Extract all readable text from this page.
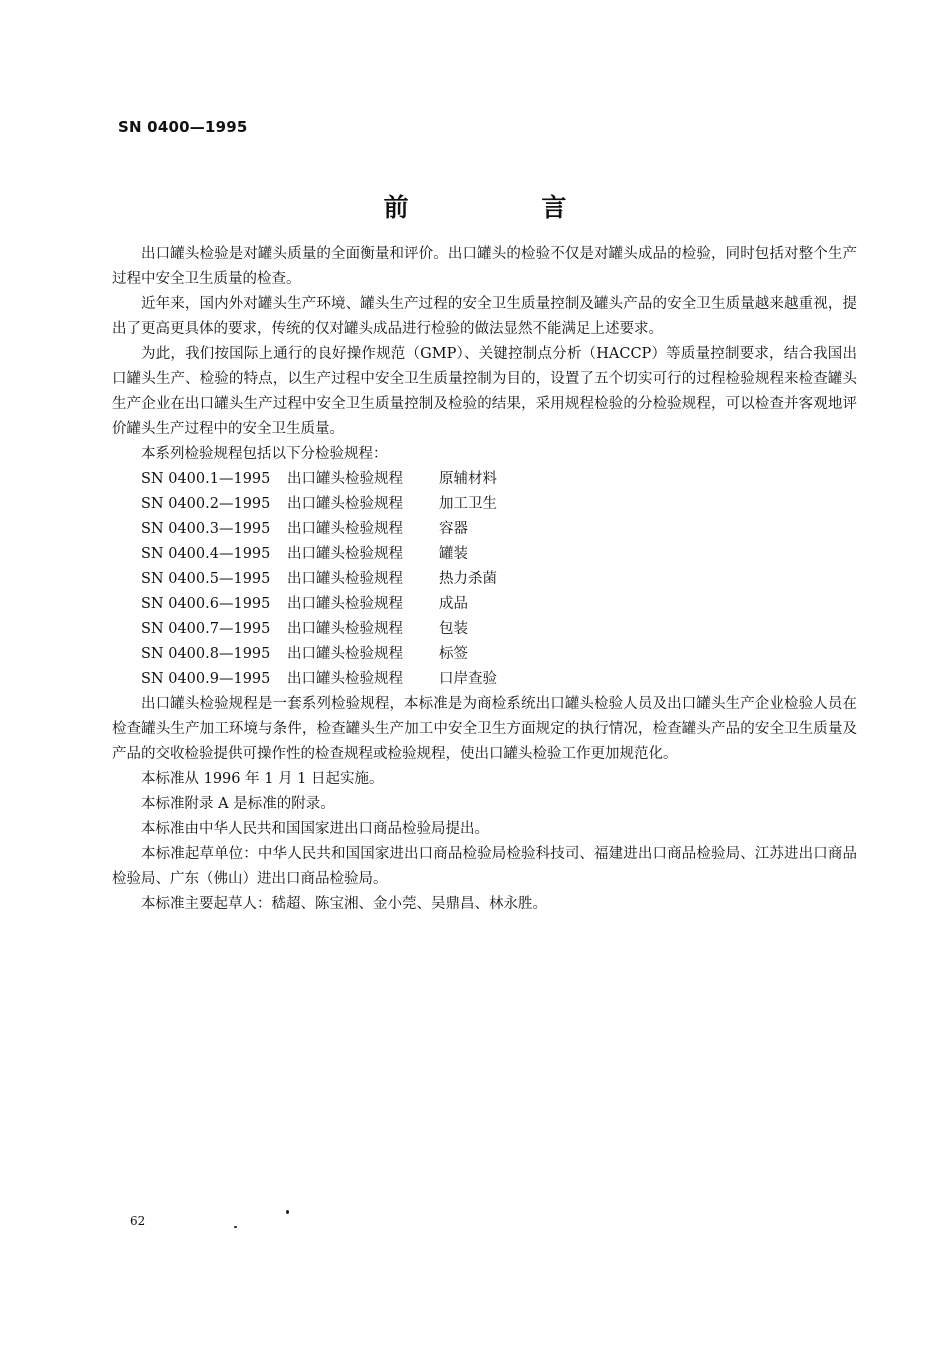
SN 0400—1995
前 言

出口罐头检验是对罐头质量的全面衡量和评价。出口罐头的检验不仅是对罐头成品的检验，同时包括对整个生产过程中安全卫生质量的检查。

近年来，国内外对罐头生产环境、罐头生产过程的安全卫生质量控制及罐头产品的安全卫生质量越来越重视，提出了更高更具体的要求，传统的仅对罐头成品进行检验的做法显然不能满足上述要求。

为此，我们按国际上通行的良好操作规范（GMP）、关键控制点分析（HACCP）等质量控制要求，结合我国出口罐头生产、检验的特点，以生产过程中安全卫生质量控制为目的，设置了五个切实可行的过程检验规程来检查罐头生产企业在出口罐头生产过程中安全卫生质量控制及检验的结果，采用规程检验的分检验规程，可以检查并客观地评价罐头生产过程中的安全卫生质量。

本系列检验规程包括以下分检验规程：

SN 0400.1—1995	出口罐头检验规程	原辅材料
SN 0400.2—1995	出口罐头检验规程	加工卫生
SN 0400.3—1995	出口罐头检验规程	容器
SN 0400.4—1995	出口罐头检验规程	罐装
SN 0400.5—1995	出口罐头检验规程	热力杀菌
SN 0400.6—1995	出口罐头检验规程	成品
SN 0400.7—1995	出口罐头检验规程	包装
SN 0400.8—1995	出口罐头检验规程	标签
SN 0400.9—1995	出口罐头检验规程	口岸查验

出口罐头检验规程是一套系列检验规程，本标准是为商检系统出口罐头检验人员及出口罐头生产企业检验人员在检查罐头生产加工环境与条件，检查罐头生产加工中安全卫生方面规定的执行情况，检查罐头产品的安全卫生质量及产品的交收检验提供可操作性的检查规程或检验规程，使出口罐头检验工作更加规范化。

本标准从 1996 年 1 月 1 日起实施。

本标准附录 A 是标准的附录。

本标准由中华人民共和国国家进出口商品检验局提出。

本标准起草单位：中华人民共和国国家进出口商品检验局检验科技司、福建进出口商品检验局、江苏进出口商品检验局、广东（佛山）进出口商品检验局。

本标准主要起草人：嵇超、陈宝湘、金小莞、吴鼎昌、林永胜。

62
